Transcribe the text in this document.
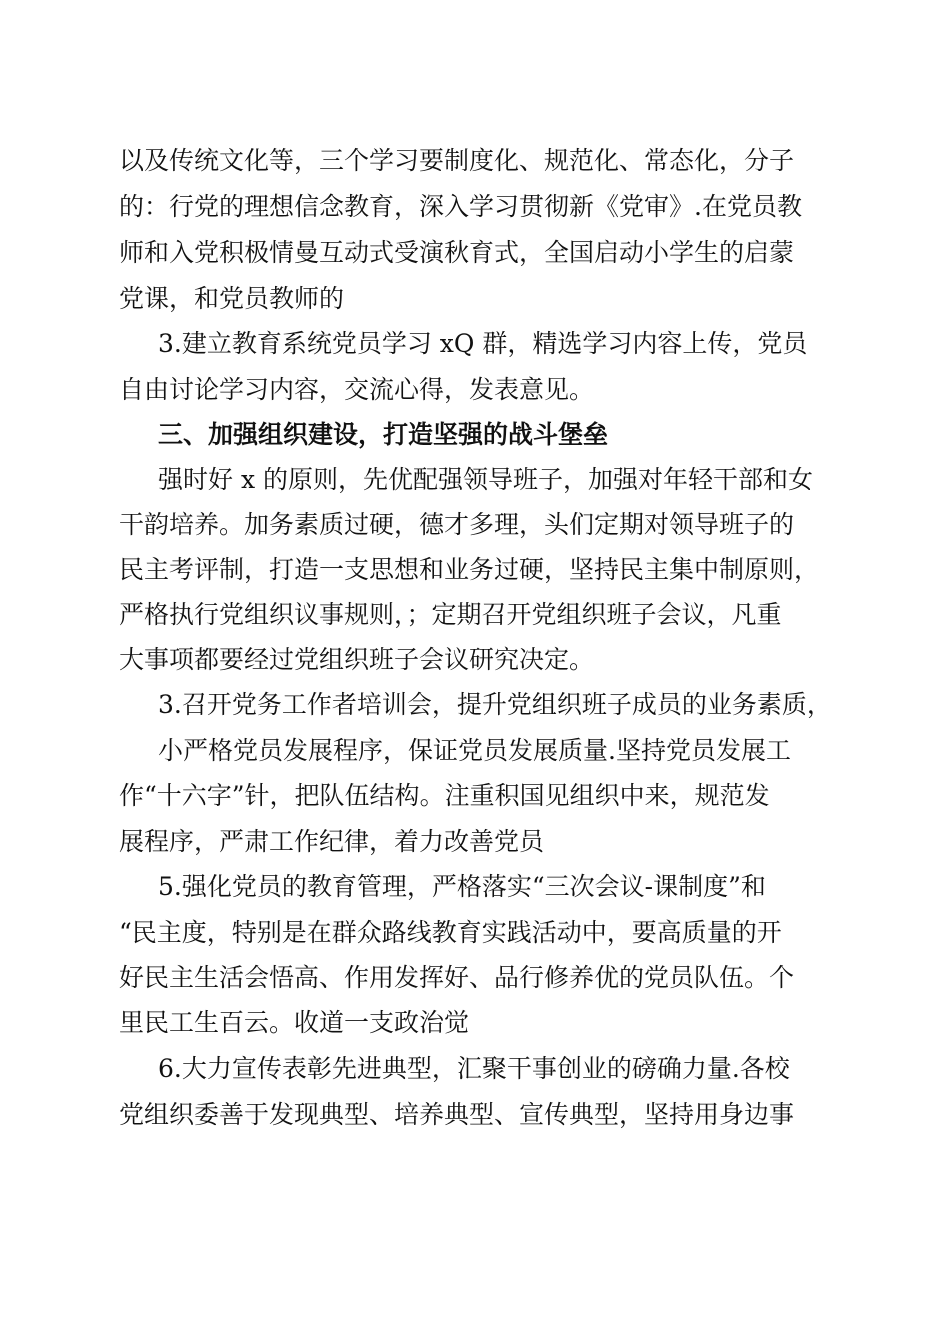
以及传统文化等，三个学习要制度化、规范化、常态化，分子
的：行党的理想信念教育，深入学习贯彻新《党审》.在党员教
师和入党积极情曼互动式受演秋育式，全国启动小学生的启蒙
党课，和党员教师的
3.建立教育系统党员学习 xQ 群，精选学习内容上传，党员
自由讨论学习内容，交流心得，发表意见。
三、加强组织建设，打造坚强的战斗堡垒
强时好 x 的原则，先优配强领导班子，加强对年轻干部和女
干韵培养。加务素质过硬，德才多理，头们定期对领导班子的
民主考评制，打造一支思想和业务过硬，坚持民主集中制原则，
严格执行党组织议事规则，；定期召开党组织班子会议，凡重
大事项都要经过党组织班子会议研究决定。
3.召开党务工作者培训会，提升党组织班子成员的业务素质，
小严格党员发展程序，保证党员发展质量.坚持党员发展工
作“十六字”针，把队伍结构。注重积国见组织中来，规范发
展程序，严肃工作纪律，着力改善党员
5.强化党员的教育管理，严格落实“三次会议-课制度”和
“民主度，特别是在群众路线教育实践活动中，要高质量的开
好民主生活会悟高、作用发挥好、品行修养优的党员队伍。个
里民工生百云。收道一支政治觉
6.大力宣传表彰先进典型，汇聚干事创业的磅确力量.各校
党组织委善于发现典型、培养典型、宣传典型，坚持用身边事
